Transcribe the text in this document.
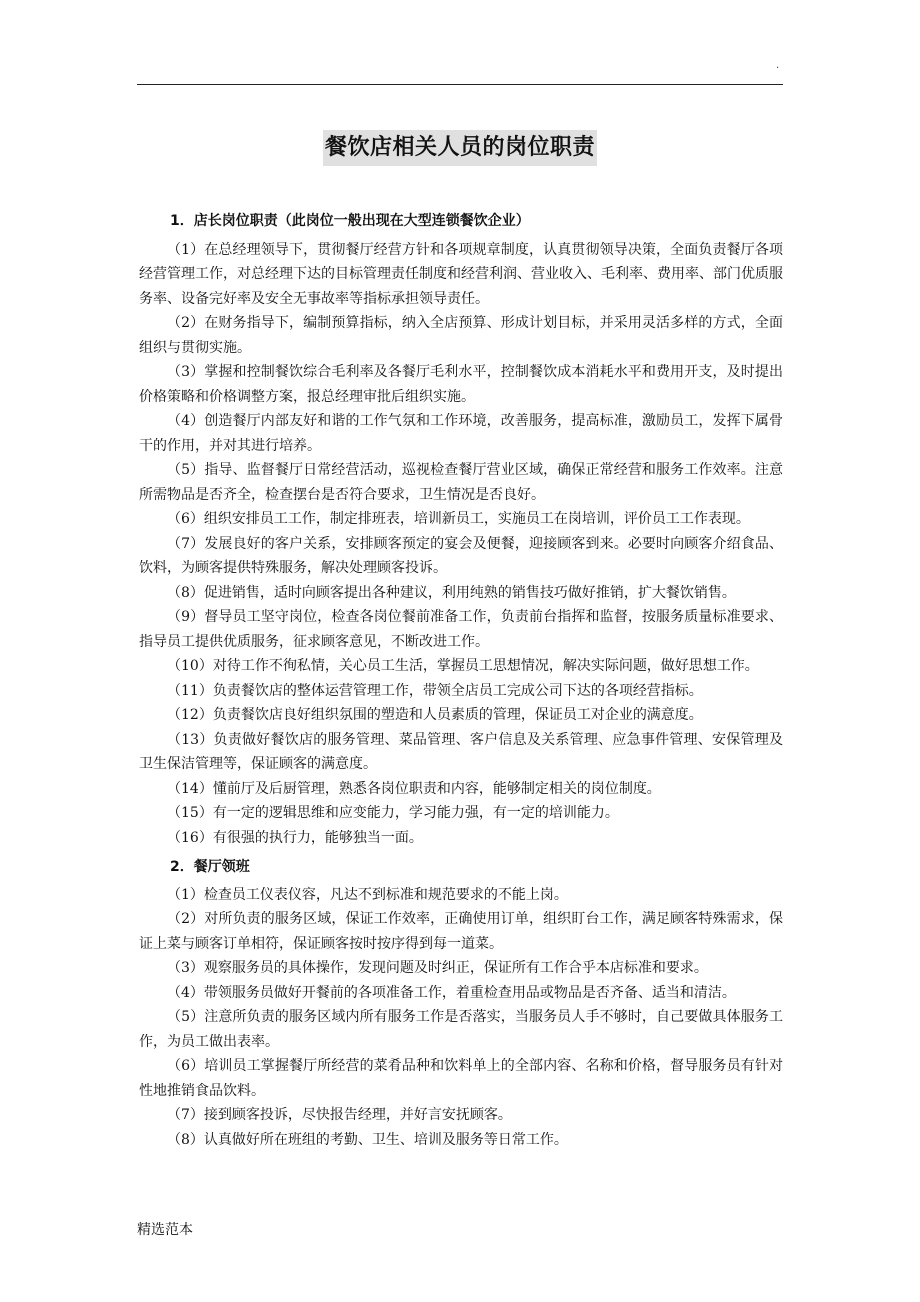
.
餐饮店相关人员的岗位职责

1．店长岗位职责（此岗位一般出现在大型连锁餐饮企业）

（1）在总经理领导下，贯彻餐厅经营方针和各项规章制度，认真贯彻领导决策，全面负责餐厅各项经营管理工作，对总经理下达的目标管理责任制度和经营利润、营业收入、毛利率、费用率、部门优质服务率、设备完好率及安全无事故率等指标承担领导责任。

（2）在财务指导下，编制预算指标，纳入全店预算、形成计划目标，并采用灵活多样的方式，全面组织与贯彻实施。

（3）掌握和控制餐饮综合毛利率及各餐厅毛利水平，控制餐饮成本消耗水平和费用开支，及时提出价格策略和价格调整方案，报总经理审批后组织实施。

（4）创造餐厅内部友好和谐的工作气氛和工作环境，改善服务，提高标准，激励员工，发挥下属骨干的作用，并对其进行培养。

（5）指导、监督餐厅日常经营活动，巡视检查餐厅营业区域，确保正常经营和服务工作效率。注意所需物品是否齐全，检查摆台是否符合要求，卫生情况是否良好。

（6）组织安排员工工作，制定排班表，培训新员工，实施员工在岗培训，评价员工工作表现。

（7）发展良好的客户关系，安排顾客预定的宴会及便餐，迎接顾客到来。必要时向顾客介绍食品、饮料，为顾客提供特殊服务，解决处理顾客投诉。

（8）促进销售，适时向顾客提出各种建议，利用纯熟的销售技巧做好推销，扩大餐饮销售。

（9）督导员工坚守岗位，检查各岗位餐前准备工作，负责前台指挥和监督，按服务质量标准要求、指导员工提供优质服务，征求顾客意见，不断改进工作。

（10）对待工作不徇私情，关心员工生活，掌握员工思想情况，解决实际问题，做好思想工作。

（11）负责餐饮店的整体运营管理工作，带领全店员工完成公司下达的各项经营指标。

（12）负责餐饮店良好组织氛围的塑造和人员素质的管理，保证员工对企业的满意度。

（13）负责做好餐饮店的服务管理、菜品管理、客户信息及关系管理、应急事件管理、安保管理及卫生保洁管理等，保证顾客的满意度。

（14）懂前厅及后厨管理，熟悉各岗位职责和内容，能够制定相关的岗位制度。

（15）有一定的逻辑思维和应变能力，学习能力强，有一定的培训能力。

（16）有很强的执行力，能够独当一面。

2．餐厅领班

（1）检查员工仪表仪容，凡达不到标准和规范要求的不能上岗。

（2）对所负责的服务区域，保证工作效率，正确使用订单，组织盯台工作，满足顾客特殊需求，保证上菜与顾客订单相符，保证顾客按时按序得到每一道菜。

（3）观察服务员的具体操作，发现问题及时纠正，保证所有工作合乎本店标准和要求。

（4）带领服务员做好开餐前的各项准备工作，着重检查用品或物品是否齐备、适当和清洁。

（5）注意所负责的服务区域内所有服务工作是否落实，当服务员人手不够时，自己要做具体服务工作，为员工做出表率。

（6）培训员工掌握餐厅所经营的菜肴品种和饮料单上的全部内容、名称和价格，督导服务员有针对性地推销食品饮料。

（7）接到顾客投诉，尽快报告经理，并好言安抚顾客。

（8）认真做好所在班组的考勤、卫生、培训及服务等日常工作。

精选范本
